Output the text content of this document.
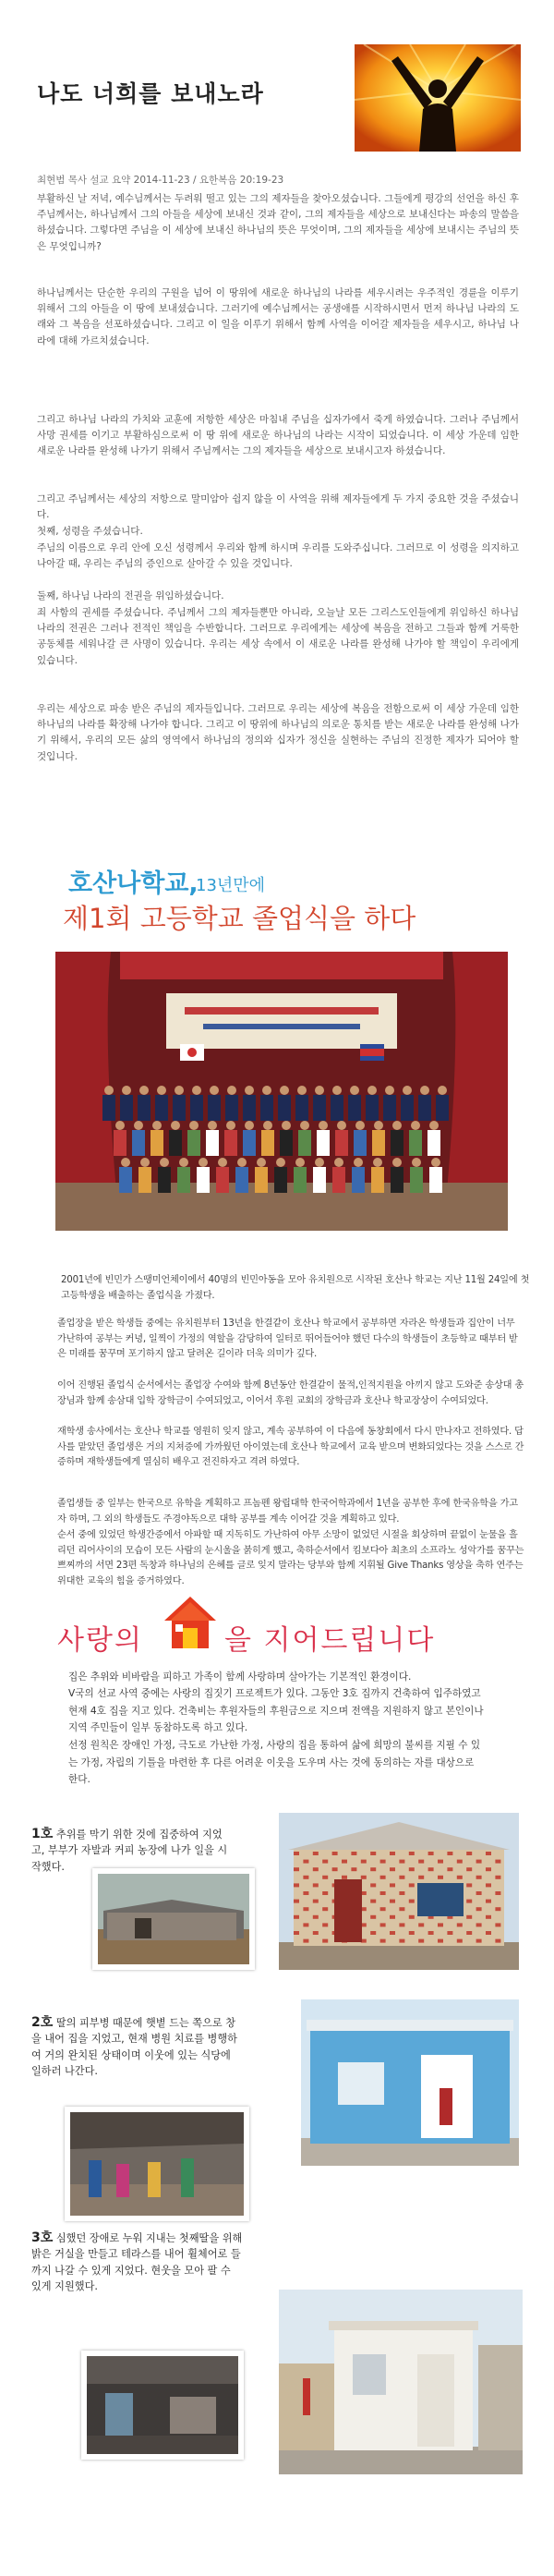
나도 너희를 보내노라
최현범 목사 설교 요약 2014-11-23 / 요한복음 20:19-23
부활하신 날 저녁, 예수님께서는 두려워 떨고 있는 그의 제자들을 찾아오셨습니다. 그들에게 평강의 선언을 하신 후 주님께서는, 하나님께서 그의 아들을 세상에 보내신 것과 같이, 그의 제자들을 세상으로 보내신다는 파송의 말씀을 하셨습니다. 그렇다면 주님을 이 세상에 보내신 하나님의 뜻은 무엇이며, 그의 제자들을 세상에 보내시는 주님의 뜻은 무엇입니까?
하나님께서는 단순한 우리의 구원을 넘어 이 땅위에 새로운 하나님의 나라를 세우시려는 우주적인 경륜을 이루기 위해서 그의 아들을 이 땅에 보내셨습니다. 그러기에 예수님께서는 공생애를 시작하시면서 먼저 하나님 나라의 도래와 그 복음을 선포하셨습니다. 그리고 이 일을 이루기 위해서 함께 사역을 이어갈 제자들을 세우시고, 하나님 나라에 대해 가르치셨습니다.
그리고 하나님 나라의 가치와 교훈에 저항한 세상은 마침내 주님을 십자가에서 죽게 하였습니다. 그러나 주님께서 사망 권세를 이기고 부활하심으로써 이 땅 위에 새로운 하나님의 나라는 시작이 되었습니다. 이 세상 가운데 임한 새로운 나라를 완성해 나가기 위해서 주님께서는 그의 제자들을 세상으로 보내시고자 하셨습니다.
그리고 주님께서는 세상의 저항으로 말미암아 쉽지 않을 이 사역을 위해 제자들에게 두 가지 중요한 것을 주셨습니다.
첫째, 성령을 주셨습니다.
주님의 이름으로 우리 안에 오신 성령께서 우리와 함께 하시며 우리를 도와주십니다. 그러므로 이 성령을 의지하고 나아갈 때, 우리는 주님의 증인으로 살아갈 수 있을 것입니다.
둘째, 하나님 나라의 전권을 위임하셨습니다.
죄 사함의 권세를 주셨습니다. 주님께서 그의 제자들뿐만 아니라, 오늘날 모든 그리스도인들에게 위임하신 하나님 나라의 전권은 그러나 전적인 책임을 수반합니다. 그러므로 우리에게는 세상에 복음을 전하고 그들과 함께 거룩한 공동체를 세워나갈 큰 사명이 있습니다. 우리는 세상 속에서 이 새로운 나라를 완성해 나가야 할 책임이 우리에게 있습니다.
우리는 세상으로 파송 받은 주님의 제자들입니다. 그러므로 우리는 세상에 복음을 전함으로써 이 세상 가운데 임한 하나님의 나라를 확장해 나가야 합니다. 그리고 이 땅위에 하나님의 의로운 통치를 받는 새로운 나라를 완성해 나가기 위해서, 우리의 모든 삶의 영역에서 하나님의 정의와 십자가 정신을 실현하는 주님의 진정한 제자가 되어야 할 것입니다.
호산나학교,
13년만에
제1회 고등학교 졸업식을 하다
2001년에 빈민가 스땡미언체이에서 40명의 빈민아동을 모아 유치원으로 시작된 호산나 학교는 지난 11월 24일에 첫 고등학생을 배출하는 졸업식을 가졌다.
졸업장을 받은 학생들 중에는 유치원부터 13년을 한결같이 호산나 학교에서 공부하면 자라온 학생들과 집안이 너무 가난하여 공부는 커녕, 일찍이 가정의 역할을 감당하여 일터로 뛰어들어야 했던 다수의 학생들이 초등학교 때부터 받은 미래를 꿈꾸며 포기하지 않고 달려온 길이라 더욱 의미가 깊다.
이어 진행된 졸업식 순서에서는 졸업장 수여와 함께 8년동안 한결같이 물적,인적지원을 아끼지 않고 도와준 송상대 총장님과 함께 송삼대 입학 장학금이 수여되었고, 이어서 후원 교회의 장학금과 호산나 학교장상이 수여되었다.
재학생 송사에서는 호산나 학교를 영원히 잊지 않고, 계속 공부하여 이 다음에 동창회에서 다시 만나자고 전하였다. 답사를 맡았던 졸업생은 거의 지쳐증에 가까웠던 아이였는데 호산나 학교에서 교육 받으며 변화되었다는 것을 스스로 간증하며 재학생들에게 열심히 배우고 전진하자고 격려 하였다.
졸업생들 중 일부는 한국으로 유학을 계획하고 프놈펜 왕립대학 한국어학과에서 1년을 공부한 후에 한국유학을 가고자 하며, 그 외의 학생들도 주경야독으로 대학 공부를 계속 이어갈 것을 계획하고 있다.
순서 중에 있었던 학생간증에서 아파할 때 지독히도 가난하여 아무 소망이 없었던 시절을 회상하며 끝없이 눈물을 흘리던 리어사이의 모습이 모든 사람의 눈시울을 붉히게 했고, 축하순서에서 킴보다아 최초의 소프라노 성악가를 꿈꾸는 쁘찌까의 서면 23편 독창과 하나님의 은혜를 글로 잊지 말라는 당부와 함께 지휘될 Give Thanks 영상을 축하 연주는 위대한 교육의 힘을 증거하였다.
사랑의	을 지어드립니다
집은 추위와 비바람을 피하고 가족이 함께 사랑하며 살아가는 기본적인 환경이다.
V국의 선교 사역 중에는 사랑의 집짓기 프로젝트가 있다. 그동안 3호 집까지 건축하여 입주하였고 현재 4호 집을 지고 있다. 건축비는 후원자들의 후원금으로 지으며 전액을 지원하지 않고 본인이나 지역 주민들이 일부 동참하도록 하고 있다.
선정 원칙은 장애인 가정, 극도로 가난한 가정, 사랑의 집을 통하여 삶에 희망의 불씨를 지필 수 있는 가정, 자립의 기틀을 마련한 후 다른 어려운 이웃을 도우며 사는 것에 동의하는 자를 대상으로 한다.
1호 추위를 막기 위한 것에 집중하여 지었고, 부부가 자발과 커피 농장에 나가 일을 시작했다.
2호 딸의 피부병 때문에 햇볕 드는 쪽으로 창을 내어 집을 지었고, 현재 병원 치료를 병행하여 거의 완치된 상태이며 이웃에 있는 식당에 일하러 나간다.
3호 심했던 장애로 누워 지내는 첫째딸을 위해 밝은 거실을 만들고 테라스를 내어 휠체어로 들까지 나갈 수 있게 지었다. 현웃을 모아 팔 수 있게 지원했다.
